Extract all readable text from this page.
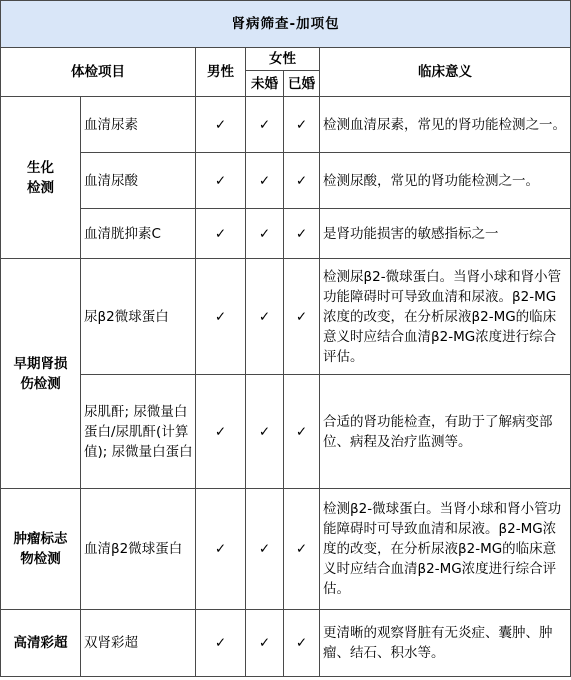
肾病筛查-加项包					
体检项目		男性	女性		临床意义
			未婚	已婚	
生化
检测	血清尿素	✓	✓	✓	检测血清尿素，常见的肾功能检测之一。
	血清尿酸	✓	✓	✓	检测尿酸，常见的肾功能检测之一。
	血清胱抑素C	✓	✓	✓	是肾功能损害的敏感指标之一
早期肾损
伤检测	尿β2微球蛋白	✓	✓	✓	检测尿β2-微球蛋白。当肾小球和肾小管功能障碍时可导致血清和尿液。β2-MG浓度的改变，在分析尿液β2-MG的临床意义时应结合血清β2-MG浓度进行综合评估。
	尿肌酐; 尿微量白蛋白/尿肌酐(计算值); 尿微量白蛋白	✓	✓	✓	合适的肾功能检查，有助于了解病变部位、病程及治疗监测等。
肿瘤标志
物检测	血清β2微球蛋白	✓	✓	✓	检测β2-微球蛋白。当肾小球和肾小管功能障碍时可导致血清和尿液。β2-MG浓度的改变，在分析尿液β2-MG的临床意义时应结合血清β2-MG浓度进行综合评估。
高清彩超	双肾彩超	✓	✓	✓	更清晰的观察肾脏有无炎症、囊肿、肿瘤、结石、积水等。
